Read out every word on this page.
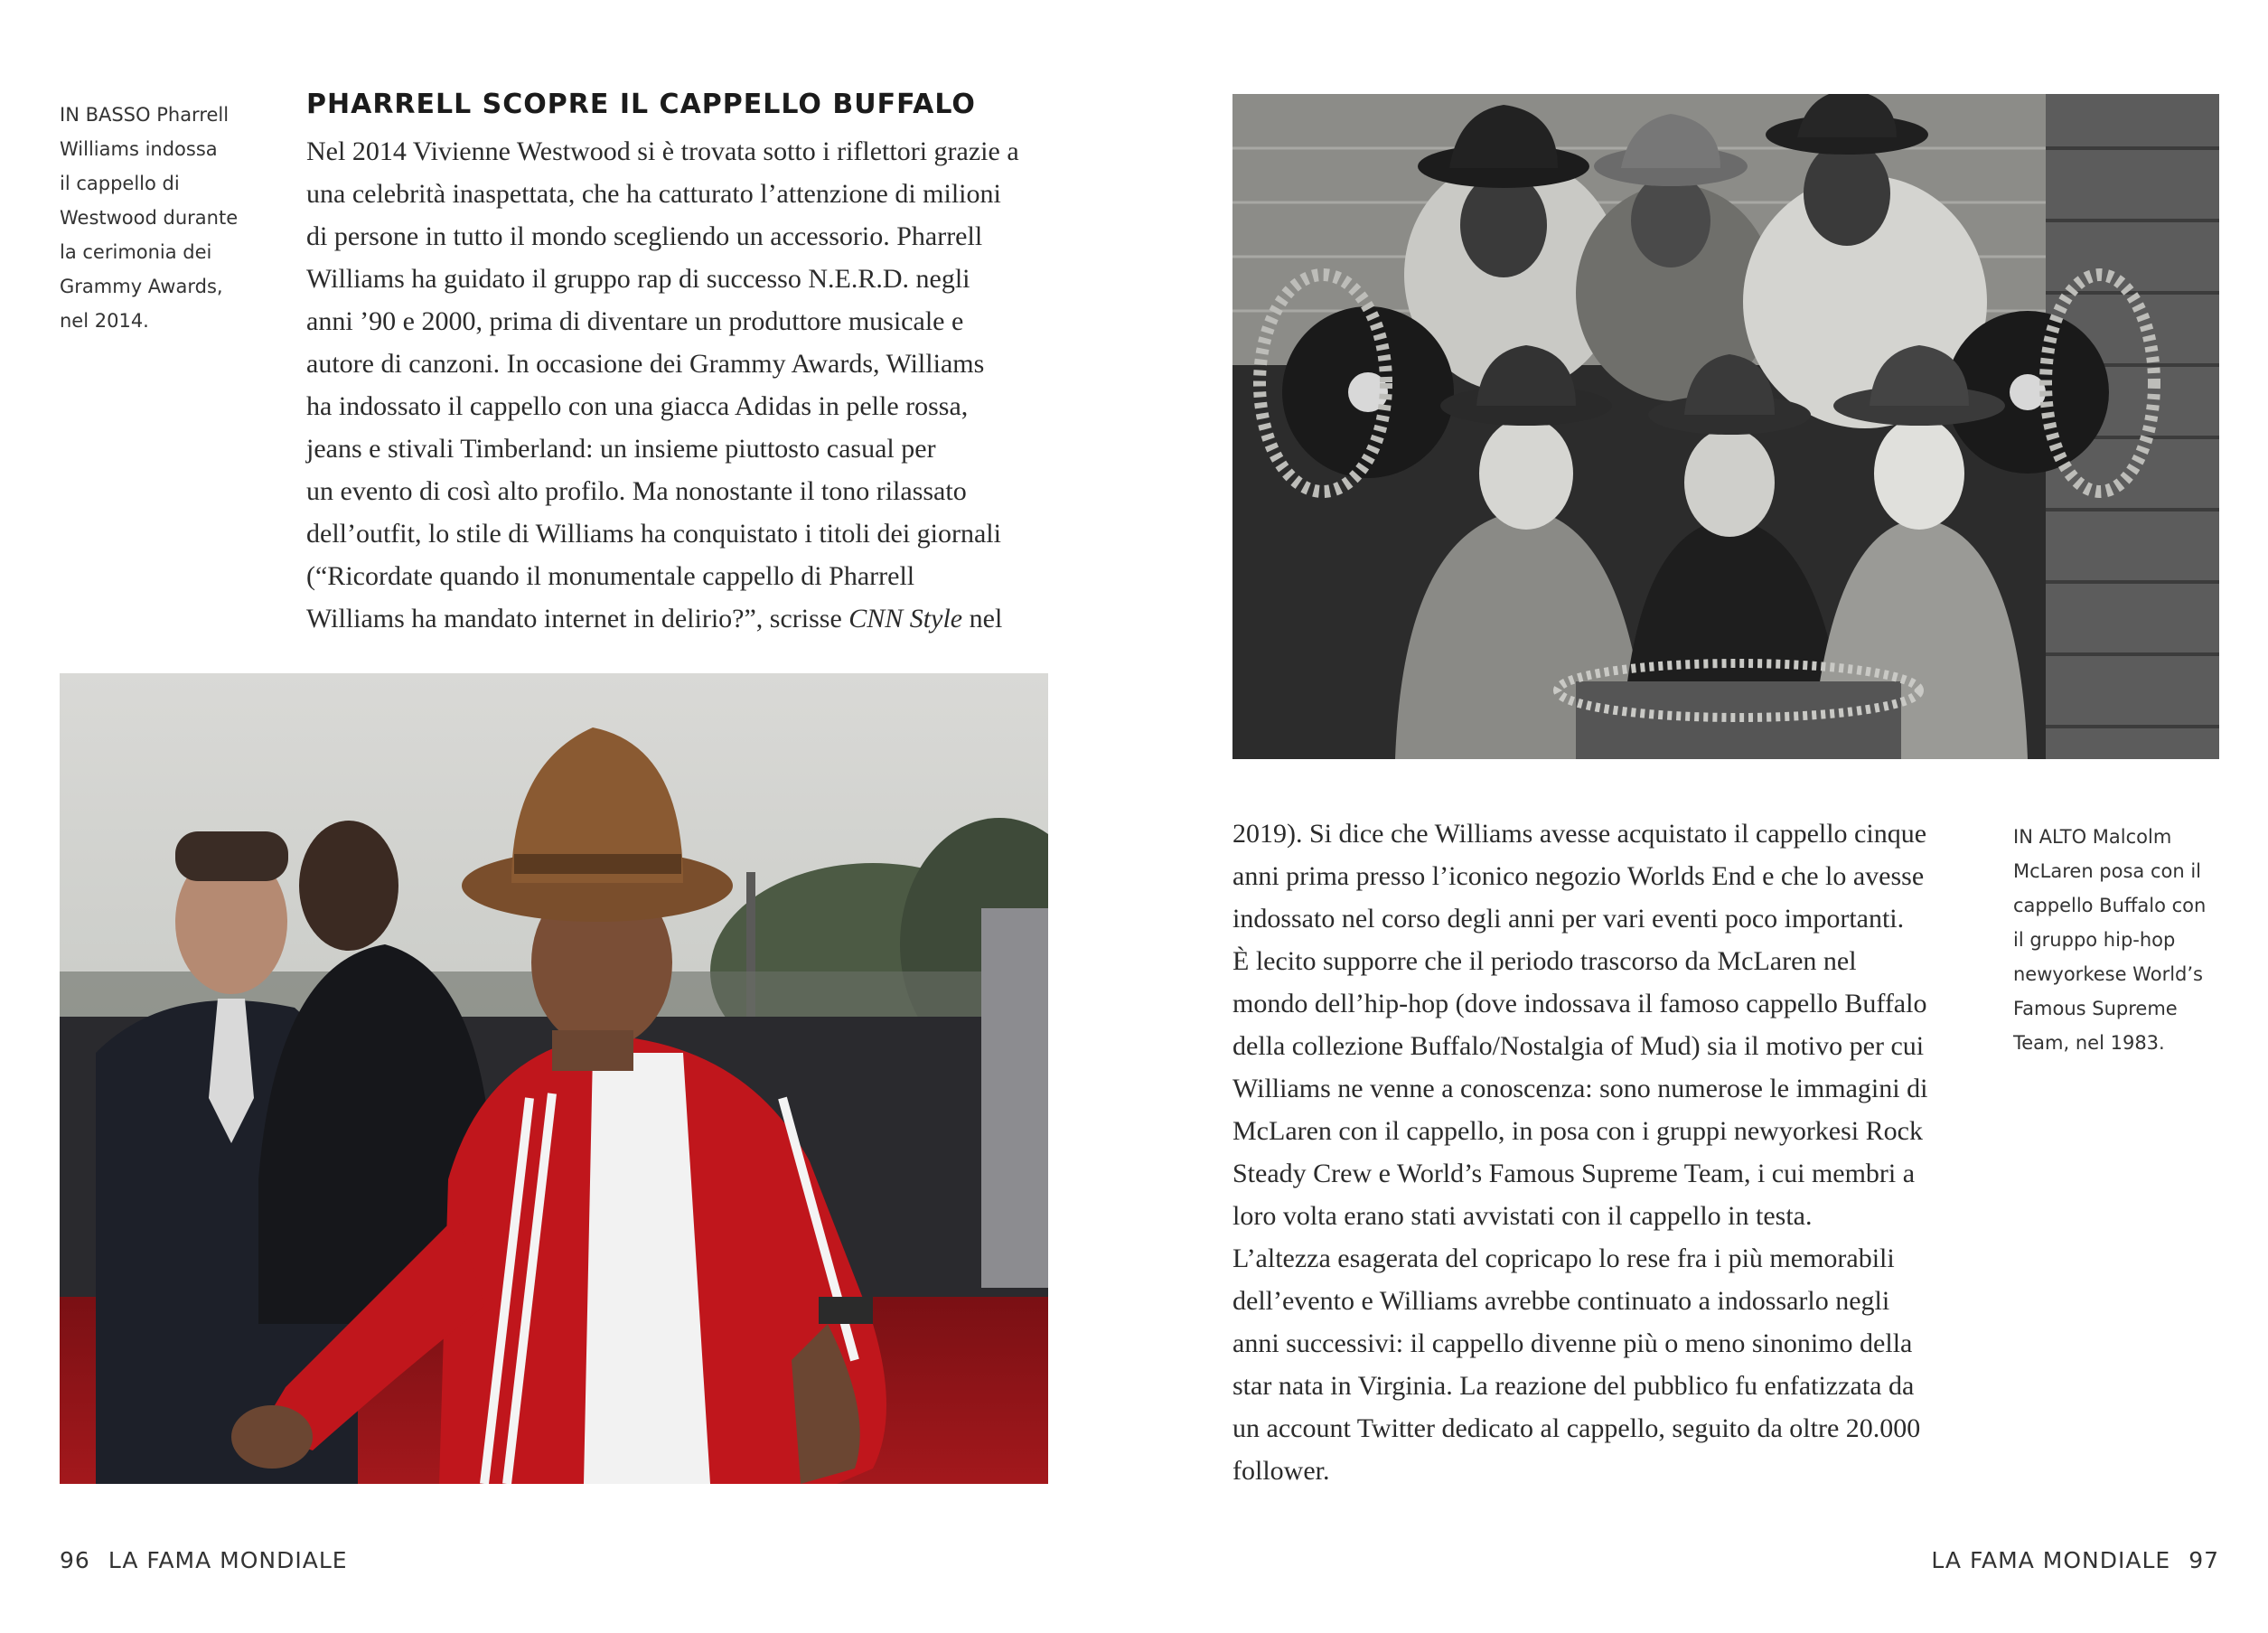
IN BASSO Pharrell
Williams indossa
il cappello di
Westwood durante
la cerimonia dei
Grammy Awards,
nel 2014.
PHARRELL SCOPRE IL CAPPELLO BUFFALO
Nel 2014 Vivienne Westwood si è trovata sotto i riflettori grazie a
una celebrità inaspettata, che ha catturato l’attenzione di milioni
di persone in tutto il mondo scegliendo un accessorio. Pharrell
Williams ha guidato il gruppo rap di successo N.E.R.D. negli
anni ’90 e 2000, prima di diventare un produttore musicale e
autore di canzoni. In occasione dei Grammy Awards, Williams
ha indossato il cappello con una giacca Adidas in pelle rossa,
jeans e stivali Timberland: un insieme piuttosto casual per
un evento di così alto profilo. Ma nonostante il tono rilassato
dell’outfit, lo stile di Williams ha conquistato i titoli dei giornali
(“Ricordate quando il monumentale cappello di Pharrell
Williams ha mandato internet in delirio?”, scrisse CNN Style nel
96 LA FAMA MONDIALE
2019). Si dice che Williams avesse acquistato il cappello cinque
anni prima presso l’iconico negozio Worlds End e che lo avesse
indossato nel corso degli anni per vari eventi poco importanti.
È lecito supporre che il periodo trascorso da McLaren nel
mondo dell’hip-hop (dove indossava il famoso cappello Buffalo
della collezione Buffalo/Nostalgia of Mud) sia il motivo per cui
Williams ne venne a conoscenza: sono numerose le immagini di
McLaren con il cappello, in posa con i gruppi newyorkesi Rock
Steady Crew e World’s Famous Supreme Team, i cui membri a
loro volta erano stati avvistati con il cappello in testa.
L’altezza esagerata del copricapo lo rese fra i più memorabili
dell’evento e Williams avrebbe continuato a indossarlo negli
anni successivi: il cappello divenne più o meno sinonimo della
star nata in Virginia. La reazione del pubblico fu enfatizzata da
un account Twitter dedicato al cappello, seguito da oltre 20.000
follower.
IN ALTO Malcolm
McLaren posa con il
cappello Buffalo con
il gruppo hip-hop
newyorkese World’s
Famous Supreme
Team, nel 1983.
LA FAMA MONDIALE 97
